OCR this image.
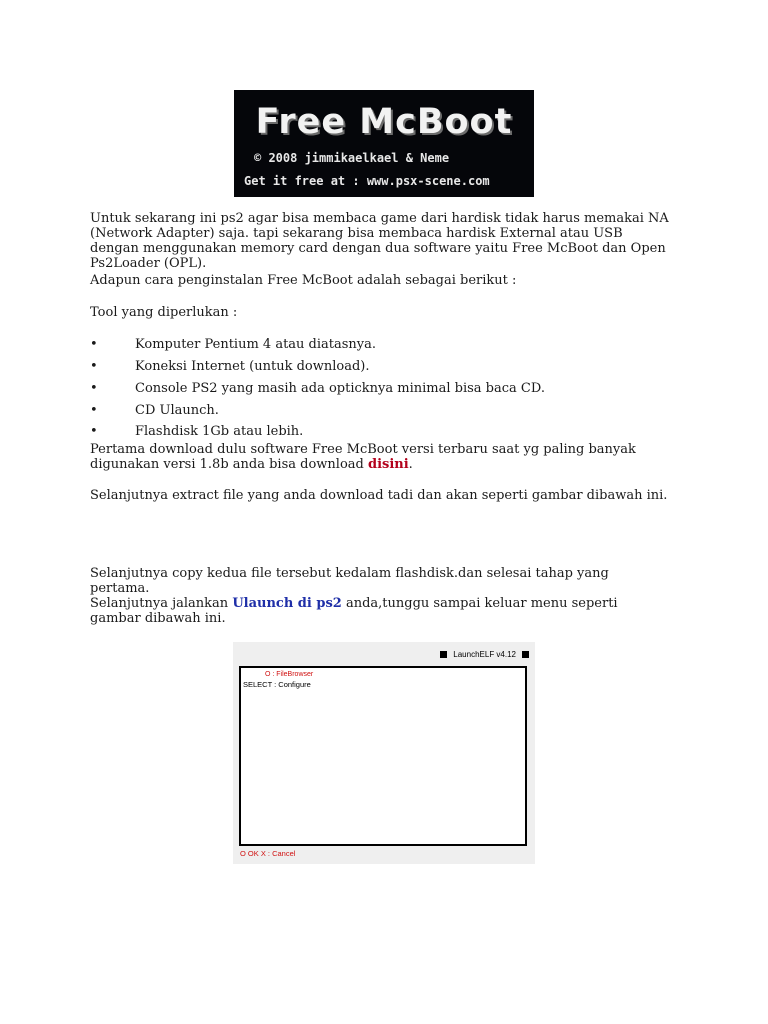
Free McBoot
© 2008 jimmikaelkael & Neme
Get it free at : www.psx-scene.com
Untuk sekarang ini ps2 agar bisa membaca game dari hardisk tidak harus memakai NA (Network Adapter) saja. tapi sekarang bisa membaca hardisk External atau USB dengan menggunakan memory card dengan dua software yaitu Free McBoot dan Open Ps2Loader (OPL).
Adapun cara penginstalan Free McBoot adalah sebagai berikut :
Tool yang diperlukan :
•	Komputer Pentium 4 atau diatasnya.
•	Koneksi Internet (untuk download).
•	Console PS2 yang masih ada opticknya minimal bisa baca CD.
•	CD Ulaunch.
•	Flashdisk 1Gb atau lebih.
Pertama download dulu software Free McBoot versi terbaru saat yg paling banyak digunakan versi 1.8b anda bisa download disini.
Selanjutnya extract file yang anda download tadi dan akan seperti gambar dibawah ini.
Selanjutnya copy kedua file tersebut kedalam flashdisk.dan selesai tahap yang pertama.
Selanjutnya jalankan Ulaunch di ps2 anda,tunggu sampai keluar menu seperti gambar dibawah ini.
LaunchELF v4.12
O : FileBrowser
SELECT : Configure
O OK X : Cancel
